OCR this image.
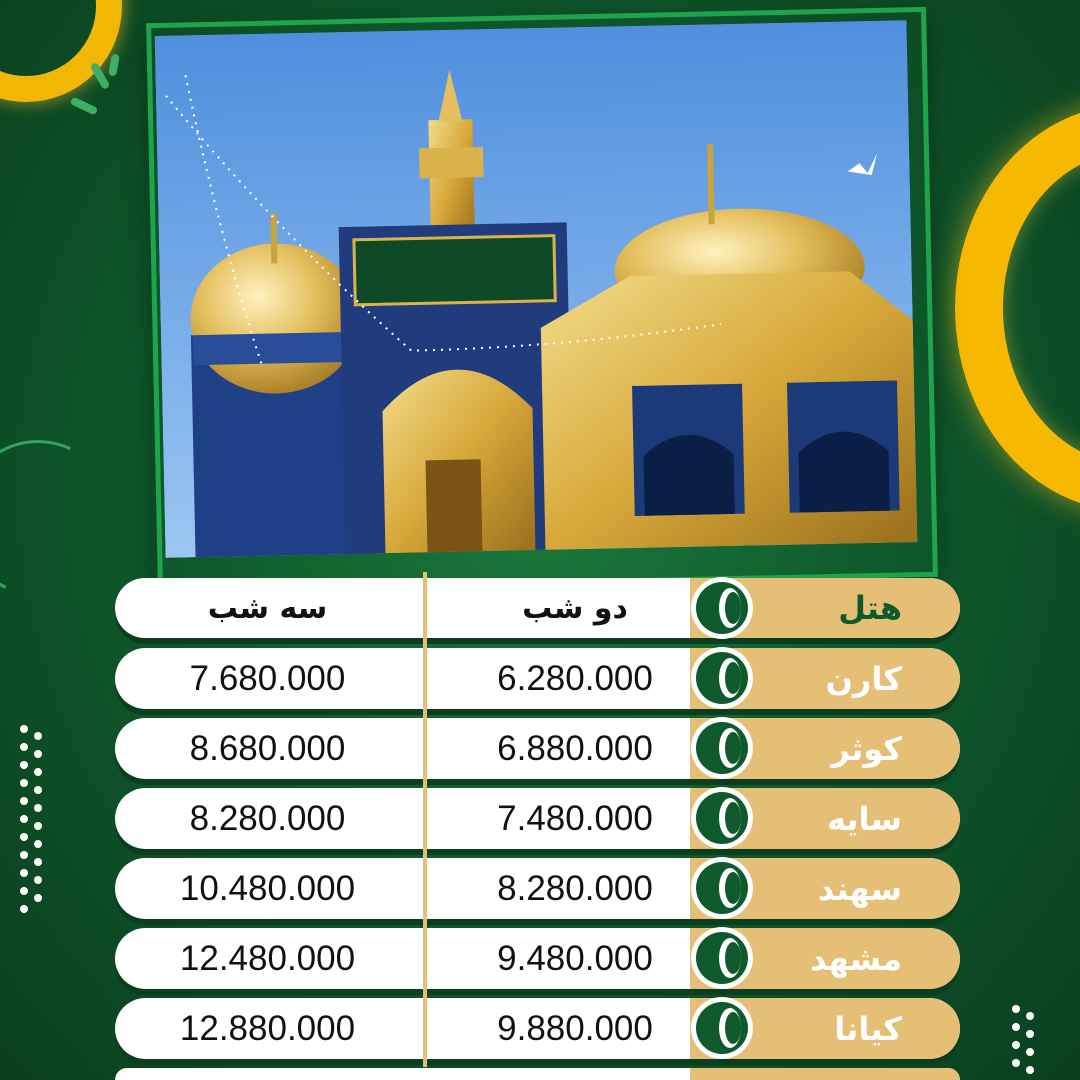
سه شب	دو شب	هتل
7.680.000	6.280.000	کارن
8.680.000	6.880.000	کوثر
8.280.000	7.480.000	سایه
10.480.000	8.280.000	سهند
12.480.000	9.480.000	مشهد
12.880.000	9.880.000	کیانا
